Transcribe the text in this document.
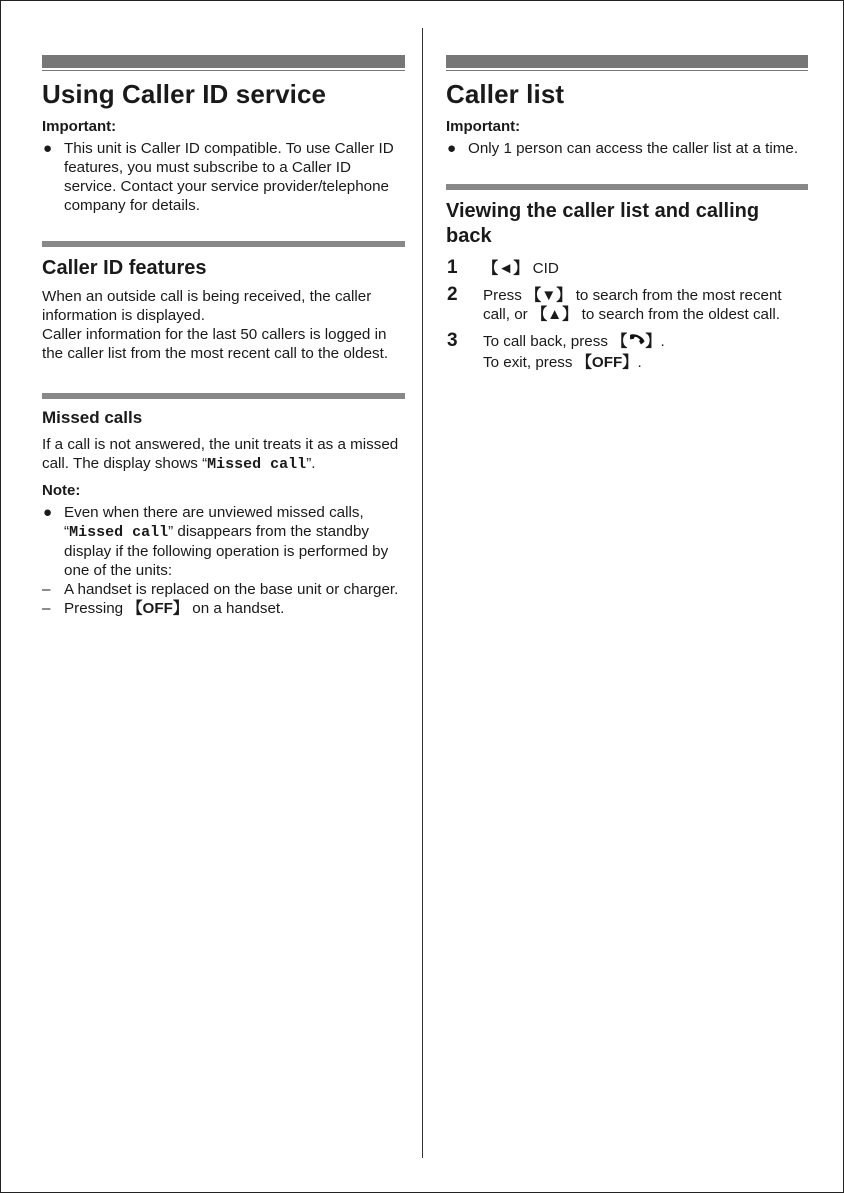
Using Caller ID service
Important:
● This unit is Caller ID compatible. To use Caller ID features, you must subscribe to a Caller ID service. Contact your service provider/telephone company for details.
Caller ID features

When an outside call is being received, the caller information is displayed.

Caller information for the last 50 callers is logged in the caller list from the most recent call to the oldest.

Missed calls

If a call is not answered, the unit treats it as a missed call. The display shows “Missed call”.

Note:
● Even when there are unviewed missed calls, “Missed call” disappears from the standby display if the following operation is performed by one of the units:
– A handset is replaced on the base unit or charger.
– Pressing 【OFF】 on a handset.
Caller list
Important:
● Only 1 person can access the caller list at a time.
Viewing the caller list and calling back
1 【◄】 CID
2 Press 【▼】 to search from the most recent call, or 【▲】 to search from the oldest call.
3 To call back, press 【 】.
To exit, press 【OFF】.
